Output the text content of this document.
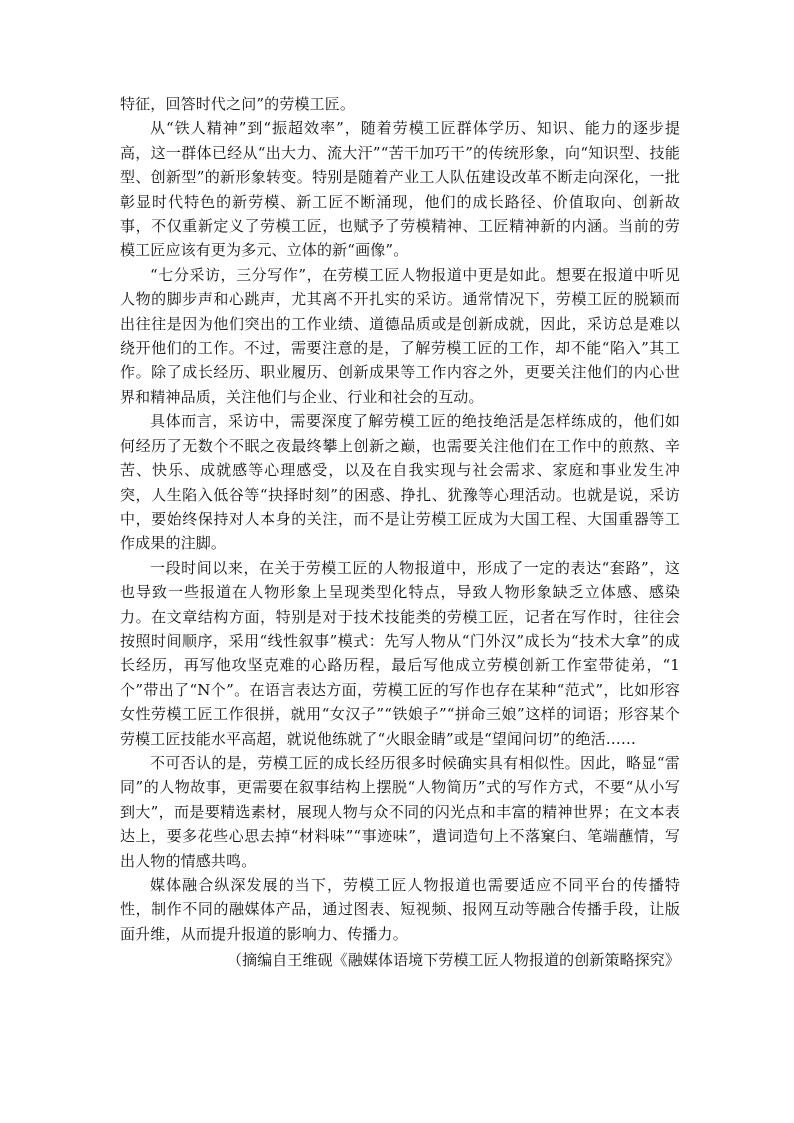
特征，回答时代之问”的劳模工匠。

从“铁人精神”到“振超效率”，随着劳模工匠群体学历、知识、能力的逐步提高，这一群体已经从“出大力、流大汗”“苦干加巧干”的传统形象，向“知识型、技能型、创新型”的新形象转变。特别是随着产业工人队伍建设改革不断走向深化，一批彰显时代特色的新劳模、新工匠不断涌现，他们的成长路径、价值取向、创新故事，不仅重新定义了劳模工匠，也赋予了劳模精神、工匠精神新的内涵。当前的劳模工匠应该有更为多元、立体的新“画像”。

“七分采访，三分写作”，在劳模工匠人物报道中更是如此。想要在报道中听见人物的脚步声和心跳声，尤其离不开扎实的采访。通常情况下，劳模工匠的脱颖而出往往是因为他们突出的工作业绩、道德品质或是创新成就，因此，采访总是难以绕开他们的工作。不过，需要注意的是，了解劳模工匠的工作，却不能“陷入”其工作。除了成长经历、职业履历、创新成果等工作内容之外，更要关注他们的内心世界和精神品质，关注他们与企业、行业和社会的互动。

具体而言，采访中，需要深度了解劳模工匠的绝技绝活是怎样练成的，他们如何经历了无数个不眠之夜最终攀上创新之巅，也需要关注他们在工作中的煎熬、辛苦、快乐、成就感等心理感受，以及在自我实现与社会需求、家庭和事业发生冲突，人生陷入低谷等“抉择时刻”的困惑、挣扎、犹豫等心理活动。也就是说，采访中，要始终保持对人本身的关注，而不是让劳模工匠成为大国工程、大国重器等工作成果的注脚。

一段时间以来，在关于劳模工匠的人物报道中，形成了一定的表达“套路”，这也导致一些报道在人物形象上呈现类型化特点，导致人物形象缺乏立体感、感染力。在文章结构方面，特别是对于技术技能类的劳模工匠，记者在写作时，往往会按照时间顺序，采用“线性叙事”模式：先写人物从“门外汉”成长为“技术大拿”的成长经历，再写他攻坚克难的心路历程，最后写他成立劳模创新工作室带徒弟，“1个”带出了“N个”。在语言表达方面，劳模工匠的写作也存在某种“范式”，比如形容女性劳模工匠工作很拼，就用“女汉子”“铁娘子”“拼命三娘”这样的词语；形容某个劳模工匠技能水平高超，就说他练就了“火眼金睛”或是“望闻问切”的绝活……

不可否认的是，劳模工匠的成长经历很多时候确实具有相似性。因此，略显“雷同”的人物故事，更需要在叙事结构上摆脱“人物简历”式的写作方式，不要“从小写到大”，而是要精选素材，展现人物与众不同的闪光点和丰富的精神世界；在文本表达上，要多花些心思去掉“材料味”“事迹味”，遣词造句上不落窠臼、笔端蘸情，写出人物的情感共鸣。

媒体融合纵深发展的当下，劳模工匠人物报道也需要适应不同平台的传播特性，制作不同的融媒体产品，通过图表、短视频、报网互动等融合传播手段，让版面升维，从而提升报道的影响力、传播力。

（摘编自王维砚《融媒体语境下劳模工匠人物报道的创新策略探究》
